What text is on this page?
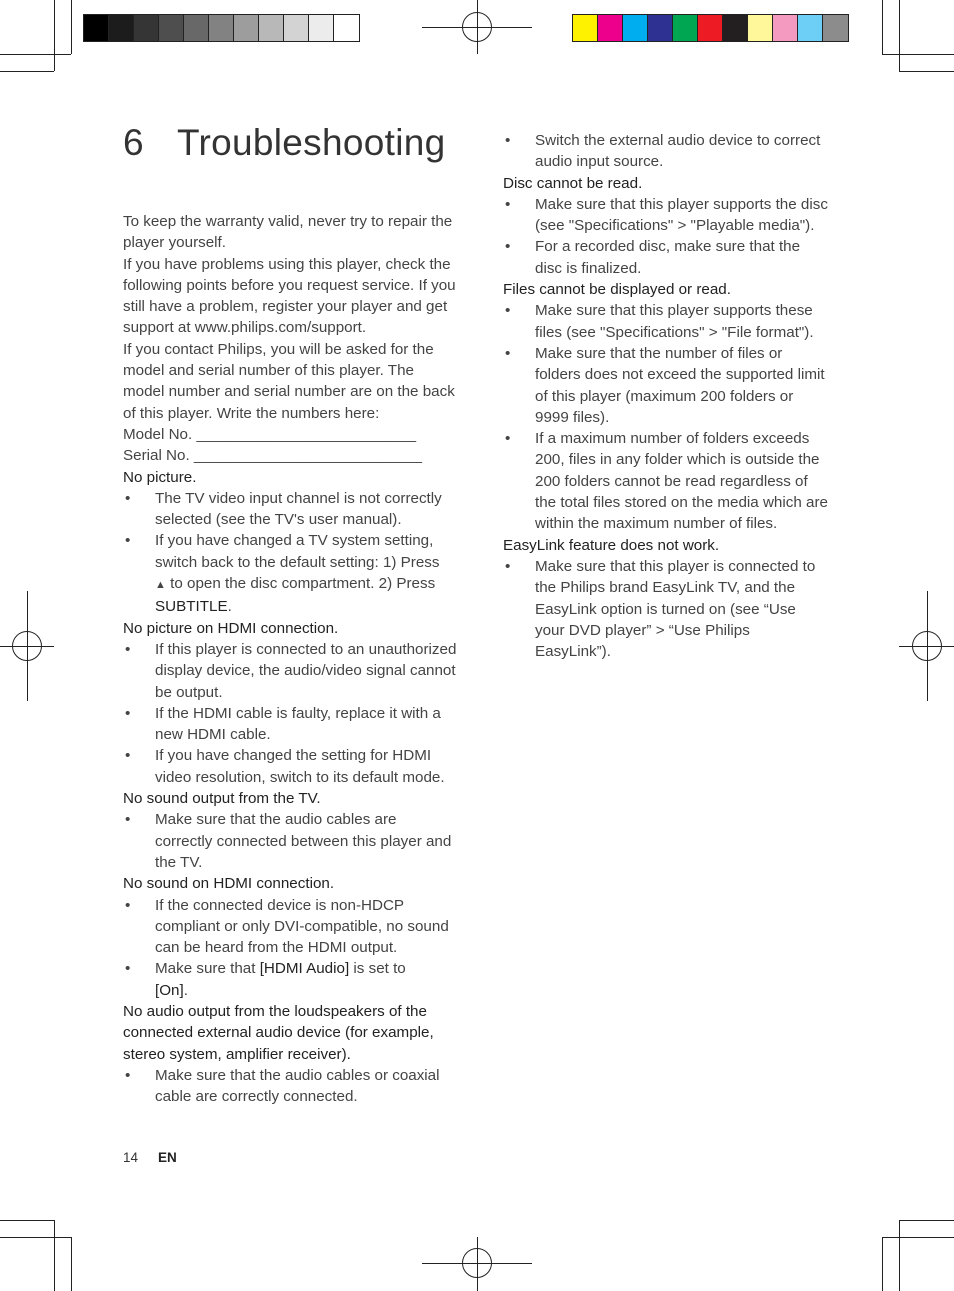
6 Troubleshooting

To keep the warranty valid, never try to repair the player yourself.

If you have problems using this player, check the following points before you request service. If you still have a problem, register your player and get support at www.philips.com/support.

If you contact Philips, you will be asked for the model and serial number of this player. The model number and serial number are on the back of this player. Write the numbers here:

Model No. __________________________

Serial No. ___________________________

No picture.

• The TV video input channel is not correctly selected (see the TV's user manual).

• If you have changed a TV system setting, switch back to the default setting: 1) Press
▲ to open the disc compartment. 2) Press
SUBTITLE.

No picture on HDMI connection.

• If this player is connected to an unauthorized display device, the audio/video signal cannot be output.

• If the HDMI cable is faulty, replace it with a new HDMI cable.

• If you have changed the setting for HDMI video resolution, switch to its default mode.

No sound output from the TV.

• Make sure that the audio cables are correctly connected between this player and the TV.

No sound on HDMI connection.

• If the connected device is non-HDCP compliant or only DVI-compatible, no sound can be heard from the HDMI output.

• Make sure that [HDMI Audio] is set to
[On].

No audio output from the loudspeakers of the connected external audio device (for example, stereo system, amplifier receiver).

• Make sure that the audio cables or coaxial cable are correctly connected.

• Switch the external audio device to correct audio input source.

Disc cannot be read.

• Make sure that this player supports the disc (see "Specifications" > "Playable media").

• For a recorded disc, make sure that the disc is finalized.

Files cannot be displayed or read.

• Make sure that this player supports these files (see "Specifications" > "File format").

• Make sure that the number of files or folders does not exceed the supported limit of this player (maximum 200 folders or 9999 files).

• If a maximum number of folders exceeds 200, files in any folder which is outside the 200 folders cannot be read regardless of the total files stored on the media which are within the maximum number of files.

EasyLink feature does not work.

• Make sure that this player is connected to the Philips brand EasyLink TV, and the EasyLink option is turned on (see “Use your DVD player” > “Use Philips EasyLink”).

14 EN
